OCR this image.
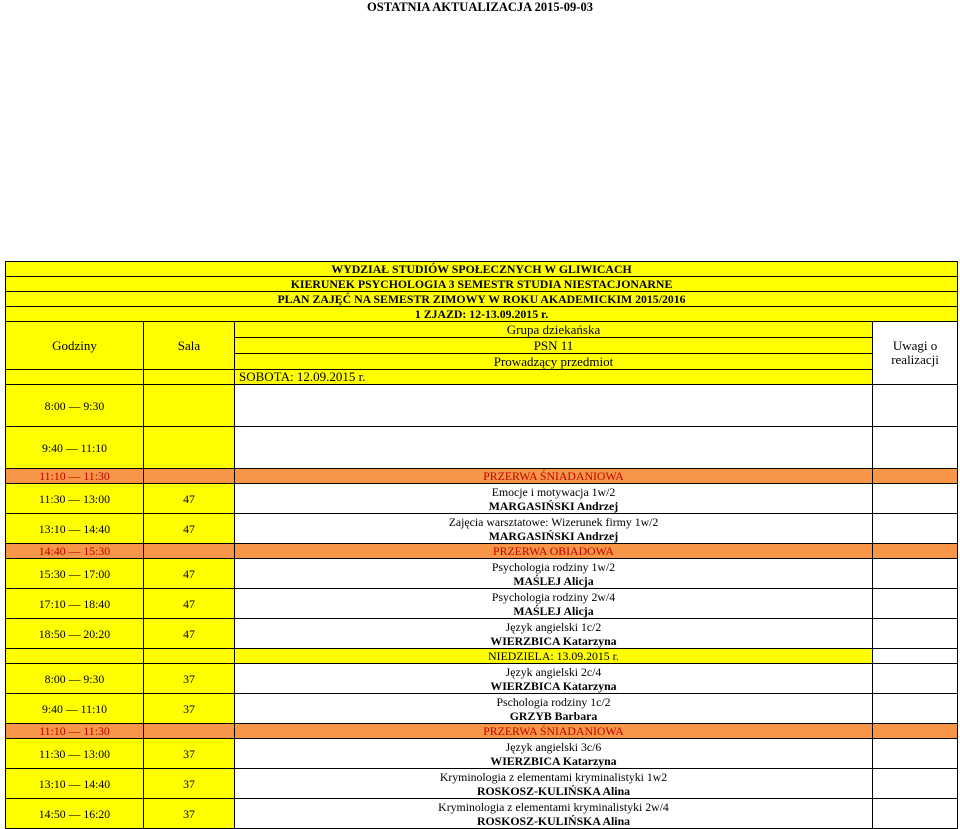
OSTATNIA AKTUALIZACJA 2015-09-03
WYDZIAŁ STUDIÓW SPOŁECZNYCH W GLIWICACH			
KIERUNEK PSYCHOLOGIA 3 SEMESTR STUDIA NIESTACJONARNE			
PLAN ZAJĘĆ NA SEMESTR ZIMOWY W ROKU AKADEMICKIM 2015/2016			
1 ZJAZD: 12-13.09.2015 r.			
Godziny	Sala	Grupa dziekańska	Uwagi o
realizacji

		PSN 11	
		Prowadzący przedmiot	
		SOBOTA: 12.09.2015 r.	
8:00 — 9:30			
9:40 — 11:10			
11:10 — 11:30		PRZERWA ŚNIADANIOWA	
11:30 — 13:00	47	Emocje i motywacja 1w/2
MARGASIŃSKI Andrzej	

13:10 — 14:40	47	Zajęcia warsztatowe: Wizerunek firmy 1w/2
MARGASIŃSKI Andrzej	

14:40 — 15:30		PRZERWA OBIADOWA	
15:30 — 17:00	47	Psychologia rodziny 1w/2
MAŚLEJ Alicja	

17:10 — 18:40	47	Psychologia rodziny 2w/4
MAŚLEJ Alicja	

18:50 — 20:20	47	Język angielski 1c/2
WIERZBICA Katarzyna	

		NIEDZIELA: 13.09.2015 r.	
8:00 — 9:30	37	Język angielski 2c/4
WIERZBICA Katarzyna	

9:40 — 11:10	37	Pschologia rodziny 1c/2
GRZYB Barbara	

11:10 — 11:30		PRZERWA ŚNIADANIOWA	
11:30 — 13:00	37	Język angielski 3c/6
WIERZBICA Katarzyna	

13:10 — 14:40	37	Kryminologia z elementami kryminalistyki 1w2
ROSKOSZ-KULIŃSKA Alina	

14:50 — 16:20	37	Kryminologia z elementami kryminalistyki 2w/4
ROSKOSZ-KULIŃSKA Alina	
